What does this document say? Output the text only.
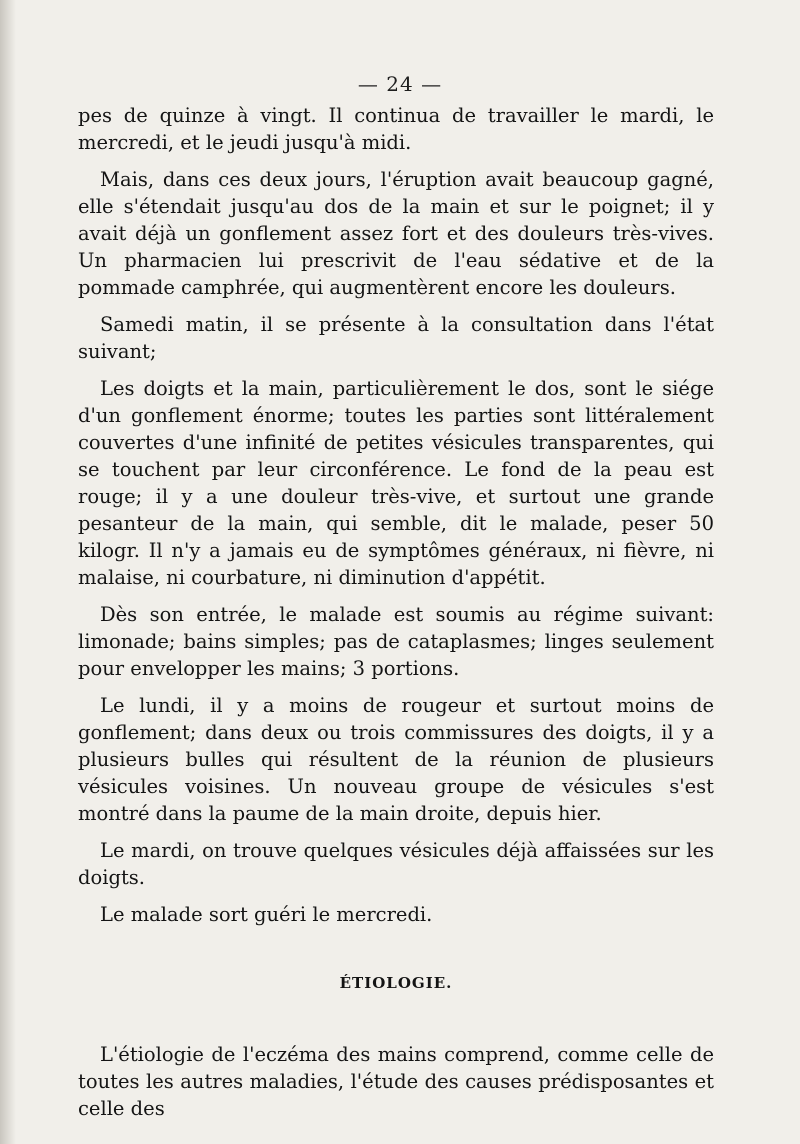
— 24 —

pes de quinze à vingt. Il continua de travailler le mardi, le mercredi, et le jeudi jusqu'à midi.

Mais, dans ces deux jours, l'éruption avait beaucoup gagné, elle s'étendait jusqu'au dos de la main et sur le poignet; il y avait déjà un gonflement assez fort et des douleurs très-vives. Un pharmacien lui prescrivit de l'eau sédative et de la pommade camphrée, qui augmentèrent encore les douleurs.

Samedi matin, il se présente à la consultation dans l'état suivant;

Les doigts et la main, particulièrement le dos, sont le siége d'un gonflement énorme; toutes les parties sont littéralement couvertes d'une infinité de petites vésicules transparentes, qui se touchent par leur circonférence. Le fond de la peau est rouge; il y a une douleur très-vive, et surtout une grande pesanteur de la main, qui semble, dit le malade, peser 50 kilogr. Il n'y a jamais eu de symptômes généraux, ni fièvre, ni malaise, ni courbature, ni diminution d'appétit.

Dès son entrée, le malade est soumis au régime suivant: limonade; bains simples; pas de cataplasmes; linges seulement pour envelopper les mains; 3 portions.

Le lundi, il y a moins de rougeur et surtout moins de gonflement; dans deux ou trois commissures des doigts, il y a plusieurs bulles qui résultent de la réunion de plusieurs vésicules voisines. Un nouveau groupe de vésicules s'est montré dans la paume de la main droite, depuis hier.

Le mardi, on trouve quelques vésicules déjà affaissées sur les doigts.

Le malade sort guéri le mercredi.

ÉTIOLOGIE.

L'étiologie de l'eczéma des mains comprend, comme celle de toutes les autres maladies, l'étude des causes prédisposantes et celle des
